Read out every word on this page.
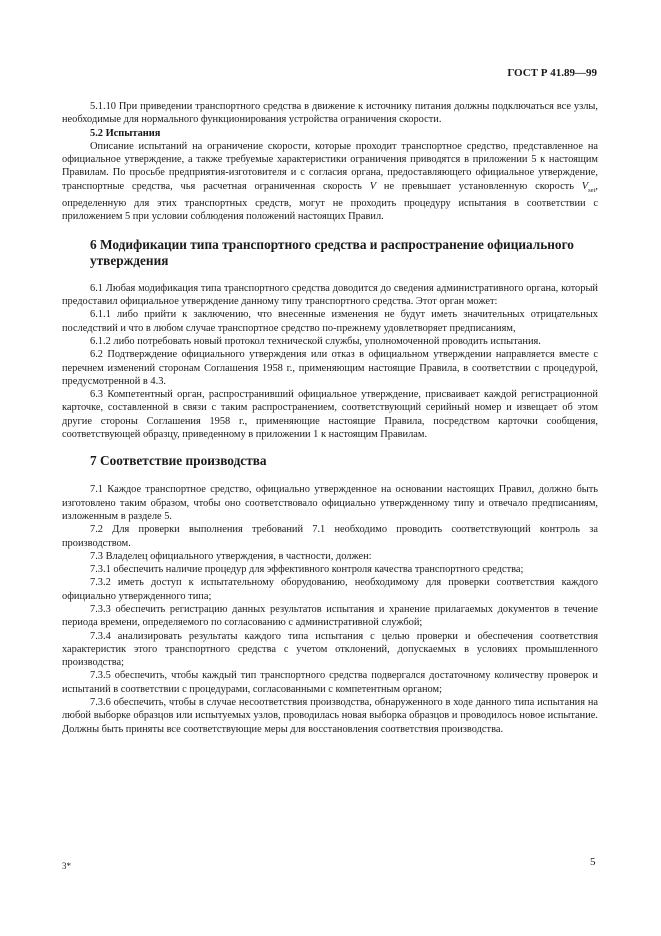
ГОСТ Р 41.89—99

5.1.10 При приведении транспортного средства в движение к источнику питания должны подключаться все узлы, необходимые для нормального функционирования устройства ограничения скорости.

5.2 Испытания

Описание испытаний на ограничение скорости, которые проходит транспортное средство, представленное на официальное утверждение, а также требуемые характеристики ограничения приводятся в приложении 5 к настоящим Правилам. По просьбе предприятия-изготовителя и с согласия органа, предоставляющего официальное утверждение, транспортные средства, чья расчетная ограниченная скорость V не превышает установленную скорость $V_{set}$, определенную для этих транспортных средств, могут не проходить процедуру испытания в соответствии с приложением 5 при условии соблюдения положений настоящих Правил.

6 Модификации типа транспортного средства и распространение официального утверждения

6.1 Любая модификация типа транспортного средства доводится до сведения административного органа, который предоставил официальное утверждение данному типу транспортного средства. Этот орган может:

6.1.1 либо прийти к заключению, что внесенные изменения не будут иметь значительных отрицательных последствий и что в любом случае транспортное средство по-прежнему удовлетворяет предписаниям,

6.1.2 либо потребовать новый протокол технической службы, уполномоченной проводить испытания.

6.2 Подтверждение официального утверждения или отказ в официальном утверждении направляется вместе с перечнем изменений сторонам Соглашения 1958 г., применяющим настоящие Правила, в соответствии с процедурой, предусмотренной в 4.3.

6.3 Компетентный орган, распространивший официальное утверждение, присваивает каждой регистрационной карточке, составленной в связи с таким распространением, соответствующий серийный номер и извещает об этом другие стороны Соглашения 1958 г., применяющие настоящие Правила, посредством карточки сообщения, соответствующей образцу, приведенному в приложении 1 к настоящим Правилам.

7 Соответствие производства

7.1 Каждое транспортное средство, официально утвержденное на основании настоящих Правил, должно быть изготовлено таким образом, чтобы оно соответствовало официально утвержденному типу и отвечало предписаниям, изложенным в разделе 5.

7.2 Для проверки выполнения требований 7.1 необходимо проводить соответствующий контроль за производством.

7.3 Владелец официального утверждения, в частности, должен:

7.3.1 обеспечить наличие процедур для эффективного контроля качества транспортного средства;

7.3.2 иметь доступ к испытательному оборудованию, необходимому для проверки соответствия каждого официально утвержденного типа;

7.3.3 обеспечить регистрацию данных результатов испытания и хранение прилагаемых документов в течение периода времени, определяемого по согласованию с административной службой;

7.3.4 анализировать результаты каждого типа испытания с целью проверки и обеспечения соответствия характеристик этого транспортного средства с учетом отклонений, допускаемых в условиях промышленного производства;

7.3.5 обеспечить, чтобы каждый тип транспортного средства подвергался достаточному количеству проверок и испытаний в соответствии с процедурами, согласованными с компетентным органом;

7.3.6 обеспечить, чтобы в случае несоответствия производства, обнаруженного в ходе данного типа испытания на любой выборке образцов или испытуемых узлов, проводилась новая выборка образцов и проводилось новое испытание. Должны быть приняты все соответствующие меры для восстановления соответствия производства.

3*	5
